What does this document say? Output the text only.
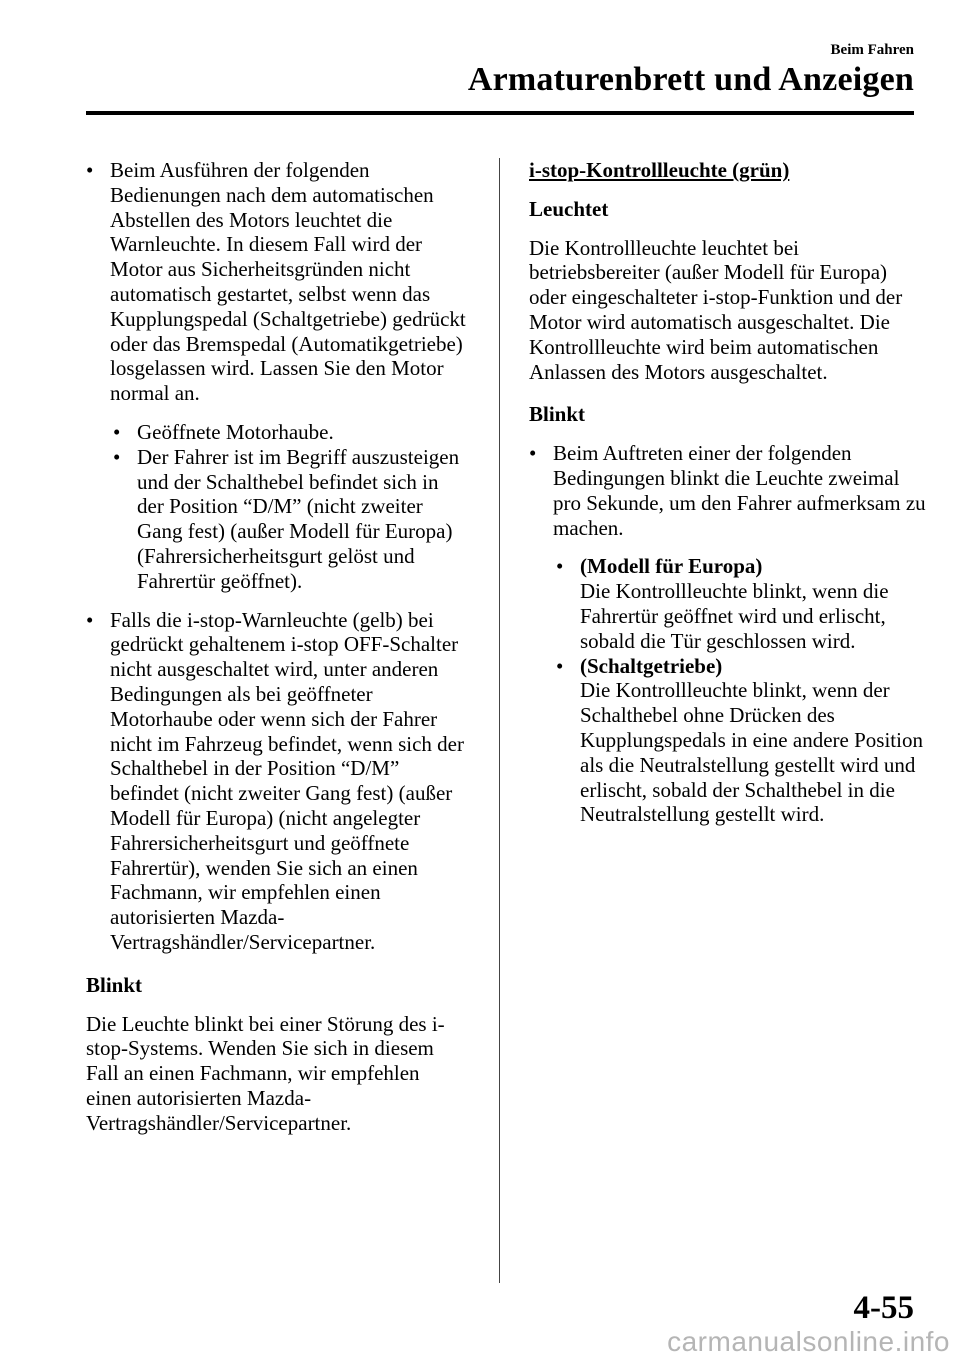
Beim Fahren
Armaturenbrett und Anzeigen
• Beim Ausführen der folgenden Bedienungen nach dem automatischen Abstellen des Motors leuchtet die Warnleuchte. In diesem Fall wird der Motor aus Sicherheitsgründen nicht automatisch gestartet, selbst wenn das Kupplungspedal (Schaltgetriebe) gedrückt oder das Bremspedal (Automatikgetriebe) losgelassen wird. Lassen Sie den Motor normal an.

• Geöffnete Motorhaube.

• Der Fahrer ist im Begriff auszusteigen und der Schalthebel befindet sich in der Position “D/M” (nicht zweiter Gang fest) (außer Modell für Europa) (Fahrersicherheitsgurt gelöst und Fahrertür geöffnet).

• Falls die i-stop-Warnleuchte (gelb) bei gedrückt gehaltenem i-stop OFF-Schalter nicht ausgeschaltet wird, unter anderen Bedingungen als bei geöffneter Motorhaube oder wenn sich der Fahrer nicht im Fahrzeug befindet, wenn sich der Schalthebel in der Position “D/M” befindet (nicht zweiter Gang fest) (außer Modell für Europa) (nicht angelegter Fahrersicherheitsgurt und geöffnete Fahrertür), wenden Sie sich an einen Fachmann, wir empfehlen einen autorisierten Mazda-Vertragshändler/Servicepartner.

Blinkt

Die Leuchte blinkt bei einer Störung des i-stop-Systems. Wenden Sie sich in diesem Fall an einen Fachmann, wir empfehlen einen autorisierten Mazda-Vertragshändler/Servicepartner.

i-stop-Kontrollleuchte (grün)

Leuchtet

Die Kontrollleuchte leuchtet bei betriebsbereiter (außer Modell für Europa) oder eingeschalteter i-stop-Funktion und der Motor wird automatisch ausgeschaltet. Die Kontrollleuchte wird beim automatischen Anlassen des Motors ausgeschaltet.

Blinkt

• Beim Auftreten einer der folgenden Bedingungen blinkt die Leuchte zweimal pro Sekunde, um den Fahrer aufmerksam zu machen.

• (Modell für Europa)

Die Kontrollleuchte blinkt, wenn die Fahrertür geöffnet wird und erlischt, sobald die Tür geschlossen wird.

• (Schaltgetriebe)

Die Kontrollleuchte blinkt, wenn der Schalthebel ohne Drücken des Kupplungspedals in eine andere Position als die Neutralstellung gestellt wird und erlischt, sobald der Schalthebel in die Neutralstellung gestellt wird.

4-55
carmanualsonline.info
